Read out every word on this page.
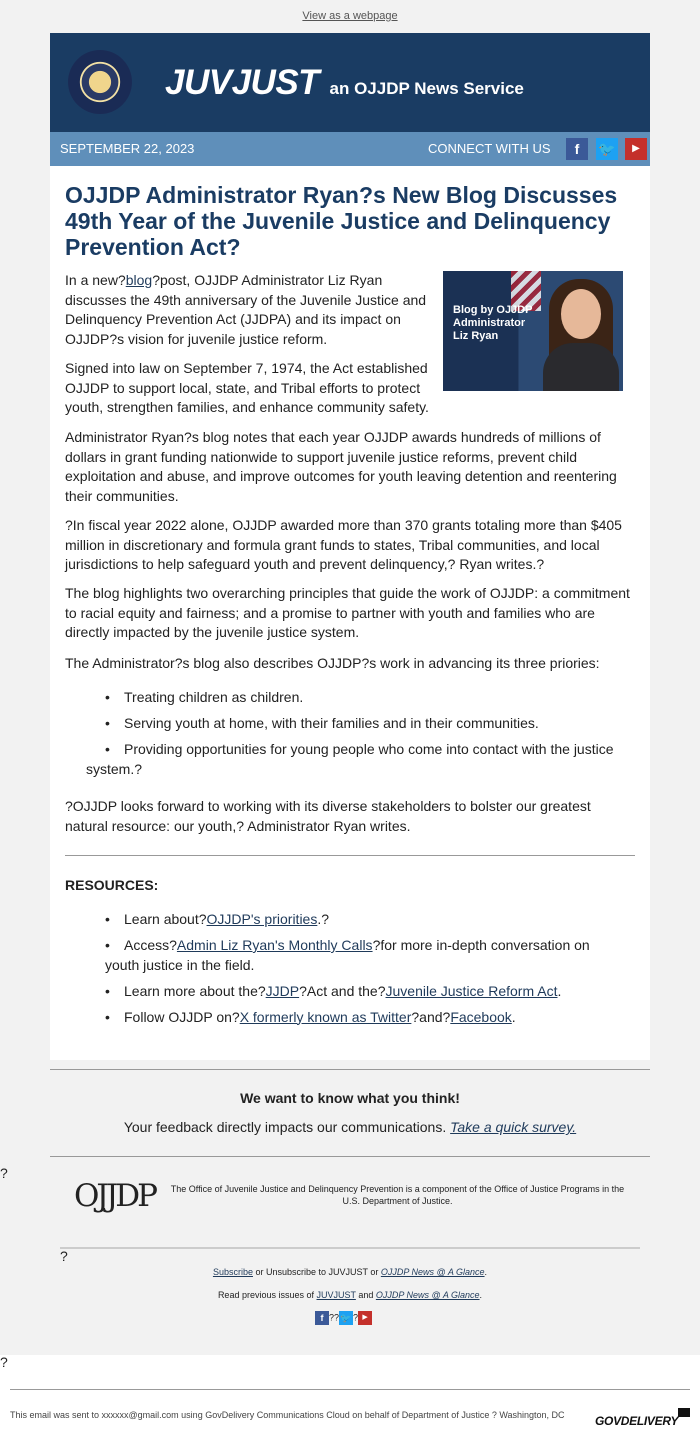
View as a webpage
JUVJUST an OJJDP News Service
SEPTEMBER 22, 2023	CONNECT WITH US	f	🐦	▶
OJJDP Administrator Ryan?s New Blog Discusses 49th Year of the Juvenile Justice and Delinquency Prevention Act?
Blog by OJJDP Administrator Liz Ryan

In a new?blog?post, OJJDP Administrator Liz Ryan discusses the 49th anniversary of the Juvenile Justice and Delinquency Prevention Act (JJDPA) and its impact on OJJDP?s vision for juvenile justice reform.

Signed into law on September 7, 1974, the Act established OJJDP to support local, state, and Tribal efforts to protect youth, strengthen families, and enhance community safety.

Administrator Ryan?s blog notes that each year OJJDP awards hundreds of millions of dollars in grant funding nationwide to support juvenile justice reforms, prevent child exploitation and abuse, and improve outcomes for youth leaving detention and reentering their communities.

?In fiscal year 2022 alone, OJJDP awarded more than 370 grants totaling more than $405 million in discretionary and formula grant funds to states, Tribal communities, and local jurisdictions to help safeguard youth and prevent delinquency,? Ryan writes.?

The blog highlights two overarching principles that guide the work of OJJDP: a commitment to racial equity and fairness; and a promise to partner with youth and families who are directly impacted by the juvenile justice system.

The Administrator?s blog also describes OJJDP?s work in advancing its three priories:

• Treating children as children.
• Serving youth at home, with their families and in their communities.
• Providing opportunities for young people who come into contact with the justice system.?

?OJJDP looks forward to working with its diverse stakeholders to bolster our greatest natural resource: our youth,? Administrator Ryan writes.

RESOURCES:
• Learn about?OJJDP's priorities.?
• Access?Admin Liz Ryan's Monthly Calls?for more in-depth conversation on youth justice in the field.
• Learn more about the?JJDP?Act and the?Juvenile Justice Reform Act.
• Follow OJJDP on?X formerly known as Twitter?and?Facebook.
We want to know what you think!
Your feedback directly impacts our communications. Take a quick survey.
?
OJJDP The Office of Juvenile Justice and Delinquency Prevention is a component of the Office of Justice Programs in the U.S. Department of Justice.
?
Subscribe or Unsubscribe to JUVJUST or OJJDP News @ A Glance.
Read previous issues of JUVJUST and OJJDP News @ A Glance.
f ??🐦? ▶
?
This email was sent to xxxxxx@gmail.com using GovDelivery Communications Cloud on behalf of Department of Justice ? Washington, DC	GOVDELIVERY
